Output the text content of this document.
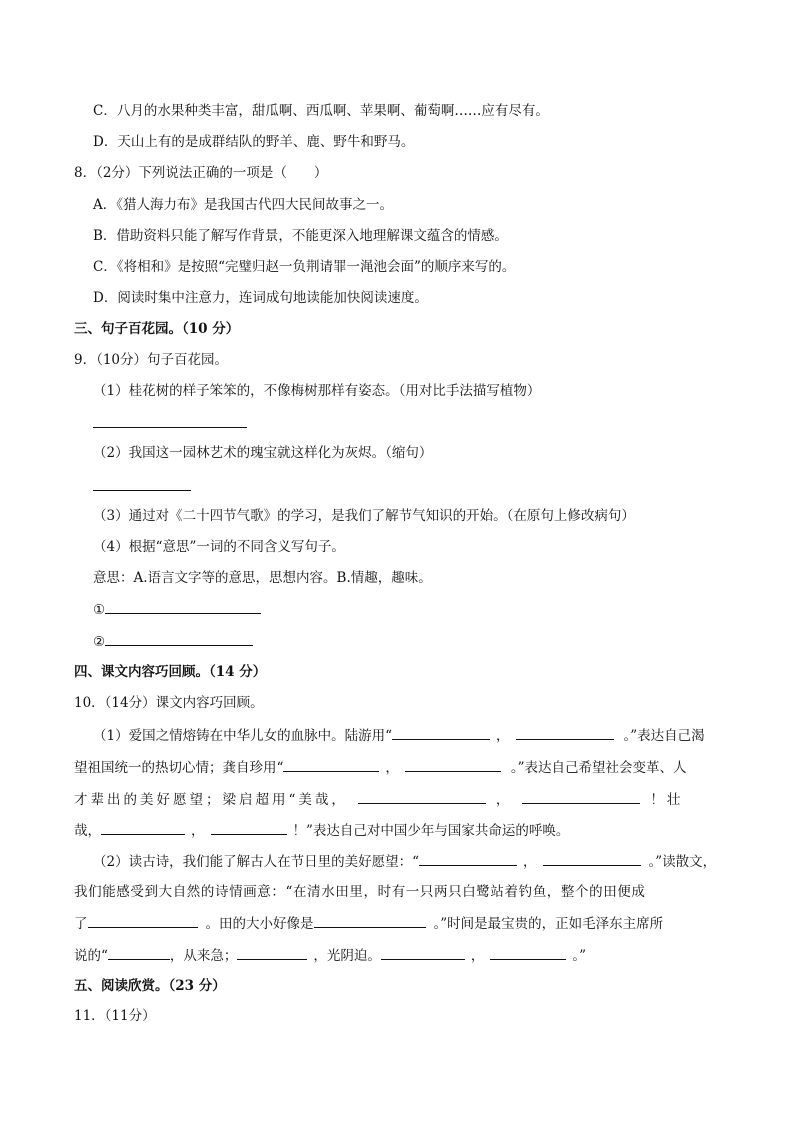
C．八月的水果种类丰富，甜瓜啊、西瓜啊、苹果啊、葡萄啊……应有尽有。
D．天山上有的是成群结队的野羊、鹿、野牛和野马。
8．（2分）下列说法正确的一项是（　　）
A．《猎人海力布》是我国古代四大民间故事之一。
B．借助资料只能了解写作背景，不能更深入地理解课文蕴含的情感。
C．《将相和》是按照“完璧归赵一负荆请罪一渑池会面”的顺序来写的。
D．阅读时集中注意力，连词成句地读能加快阅读速度。
三、句子百花园。（10 分）
9．（10分）句子百花园。
（1）桂花树的样子笨笨的，不像梅树那样有姿态。（用对比手法描写植物）
（2）我国这一园林艺术的瑰宝就这样化为灰烬。（缩句）
（3）通过对《二十四节气歌》的学习，是我们了解节气知识的开始。（在原句上修改病句）
（4）根据“意思”一词的不同含义写句子。
意思：A.语言文字等的意思，思想内容。B.情趣，趣味。
①
②
四、课文内容巧回顾。（14 分）
10．（14分）课文内容巧回顾。
（1）爱国之情熔铸在中华儿女的血脉中。陆游用“	，	。”表达自己渴
望祖国统一的热切心情；龚自珍用“	，	。”表达自己希望社会变革、人
才辈出的美好愿望；梁启超用“美哉，	，	！壮
哉，	，	！”表达自己对中国少年与国家共命运的呼唤。
（2）读古诗，我们能了解古人在节日里的美好愿望：“	，	。”读散文，
我们能感受到大自然的诗情画意：“在清水田里，时有一只两只白鹭站着钓鱼，整个的田便成
了	。田的大小好像是	。”时间是最宝贵的，正如毛泽东主席所
说的“	，从来急；	，光阴迫。	，	。”
五、阅读欣赏。（23 分）
11．（11分）
